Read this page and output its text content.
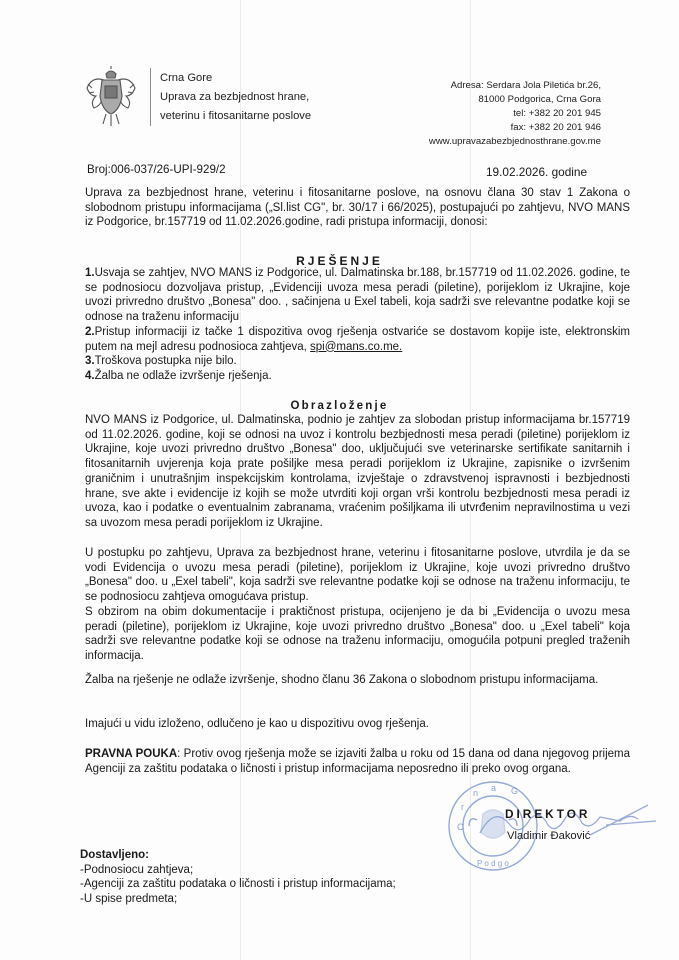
Crna Gore
Uprava za bezbjednost hrane,
veterinu i fitosanitarne poslove
Adresa: Serdara Jola Piletića br.26,
81000 Podgorica, Crna Gora
tel: +382 20 201 945
fax: +382 20 201 946
www.upravazabezbjednosthrane.gov.me
Broj:006-037/26-UPI-929/2	19.02.2026. godine
Uprava za bezbjednost hrane, veterinu i fitosanitarne poslove, na osnovu člana 30 stav 1 Zakona o slobodnom pristupu informacijama („Sl.list CG", br. 30/17 i 66/2025), postupajući po zahtjevu, NVO MANS iz Podgorice, br.157719 od 11.02.2026.godine, radi pristupa informaciji, donosi:
RJEŠENJE
1.Usvaja se zahtjev, NVO MANS iz Podgorice, ul. Dalmatinska br.188, br.157719 od 11.02.2026. godine, te se podnosiocu dozvoljava pristup, „Evidenciji uvoza mesa peradi (piletine), porijeklom iz Ukrajine, koje uvozi privredno društvo „Bonesa" doo. , sačinjena u Exel tabeli, koja sadrži sve relevantne podatke koji se odnose na traženu informaciju
2.Pristup informaciji iz tačke 1 dispozitiva ovog rješenja ostvariće se dostavom kopije iste, elektronskim putem na mejl adresu podnosioca zahtjeva, spi@mans.co.me.
3.Troškova postupka nije bilo.
4.Žalba ne odlaže izvršenje rješenja.
Obrazloženje
NVO MANS iz Podgorice, ul. Dalmatinska, podnio je zahtjev za slobodan pristup informacijama br.157719 od 11.02.2026. godine, koji se odnosi na uvoz i kontrolu bezbjednosti mesa peradi (piletine) porijeklom iz Ukrajine, koje uvozi privredno društvo „Bonesa" doo, uključujući sve veterinarske sertifikate sanitarnih i fitosanitarnih uvjerenja koja prate pošiljke mesa peradi porijeklom iz Ukrajine, zapisnike o izvršenim graničnim i unutrašnjim inspekcijskim kontrolama, izvještaje o zdravstvenoj ispravnosti i bezbjednosti hrane, sve akte i evidencije iz kojih se može utvrditi koji organ vrši kontrolu bezbjednosti mesa peradi iz uvoza, kao i podatke o eventualnim zabranama, vraćenim pošiljkama ili utvrđenim nepravilnostima u vezi sa uvozom mesa peradi porijeklom iz Ukrajine.
U postupku po zahtjevu, Uprava za bezbjednost hrane, veterinu i fitosanitarne poslove, utvrdila je da se vodi Evidencija o uvozu mesa peradi (piletine), porijeklom iz Ukrajine, koje uvozi privredno društvo „Bonesa" doo. u „Exel tabeli", koja sadrži sve relevantne podatke koji se odnose na traženu informaciju, te se podnosiocu zahtjeva omogućava pristup.
S obzirom na obim dokumentacije i praktičnost pristupa, ocijenjeno je da bi „Evidencija o uvozu mesa peradi (piletine), porijeklom iz Ukrajine, koje uvozi privredno društvo „Bonesa" doo. u „Exel tabeli" koja sadrži sve relevantne podatke koji se odnose na traženu informaciju, omogućila potpuni pregled traženih informacija.
Žalba na rješenje ne odlaže izvršenje, shodno članu 36 Zakona o slobodnom pristupu informacijama.
Imajući u vidu izloženo, odlučeno je kao u dispozitivu ovog rješenja.
PRAVNA POUKA: Protiv ovog rješenja može se izjaviti žalba u roku od 15 dana od dana njegovog prijema Agenciji za zaštitu podataka o ličnosti i pristup informacijama neposredno ili preko ovog organa.
C
r
n a G
P o d g o
DIREKTOR
Vladimir Đaković
Dostavljeno:
-Podnosiocu zahtjeva;
-Agenciji za zaštitu podataka o ličnosti i pristup informacijama;
-U spise predmeta;
